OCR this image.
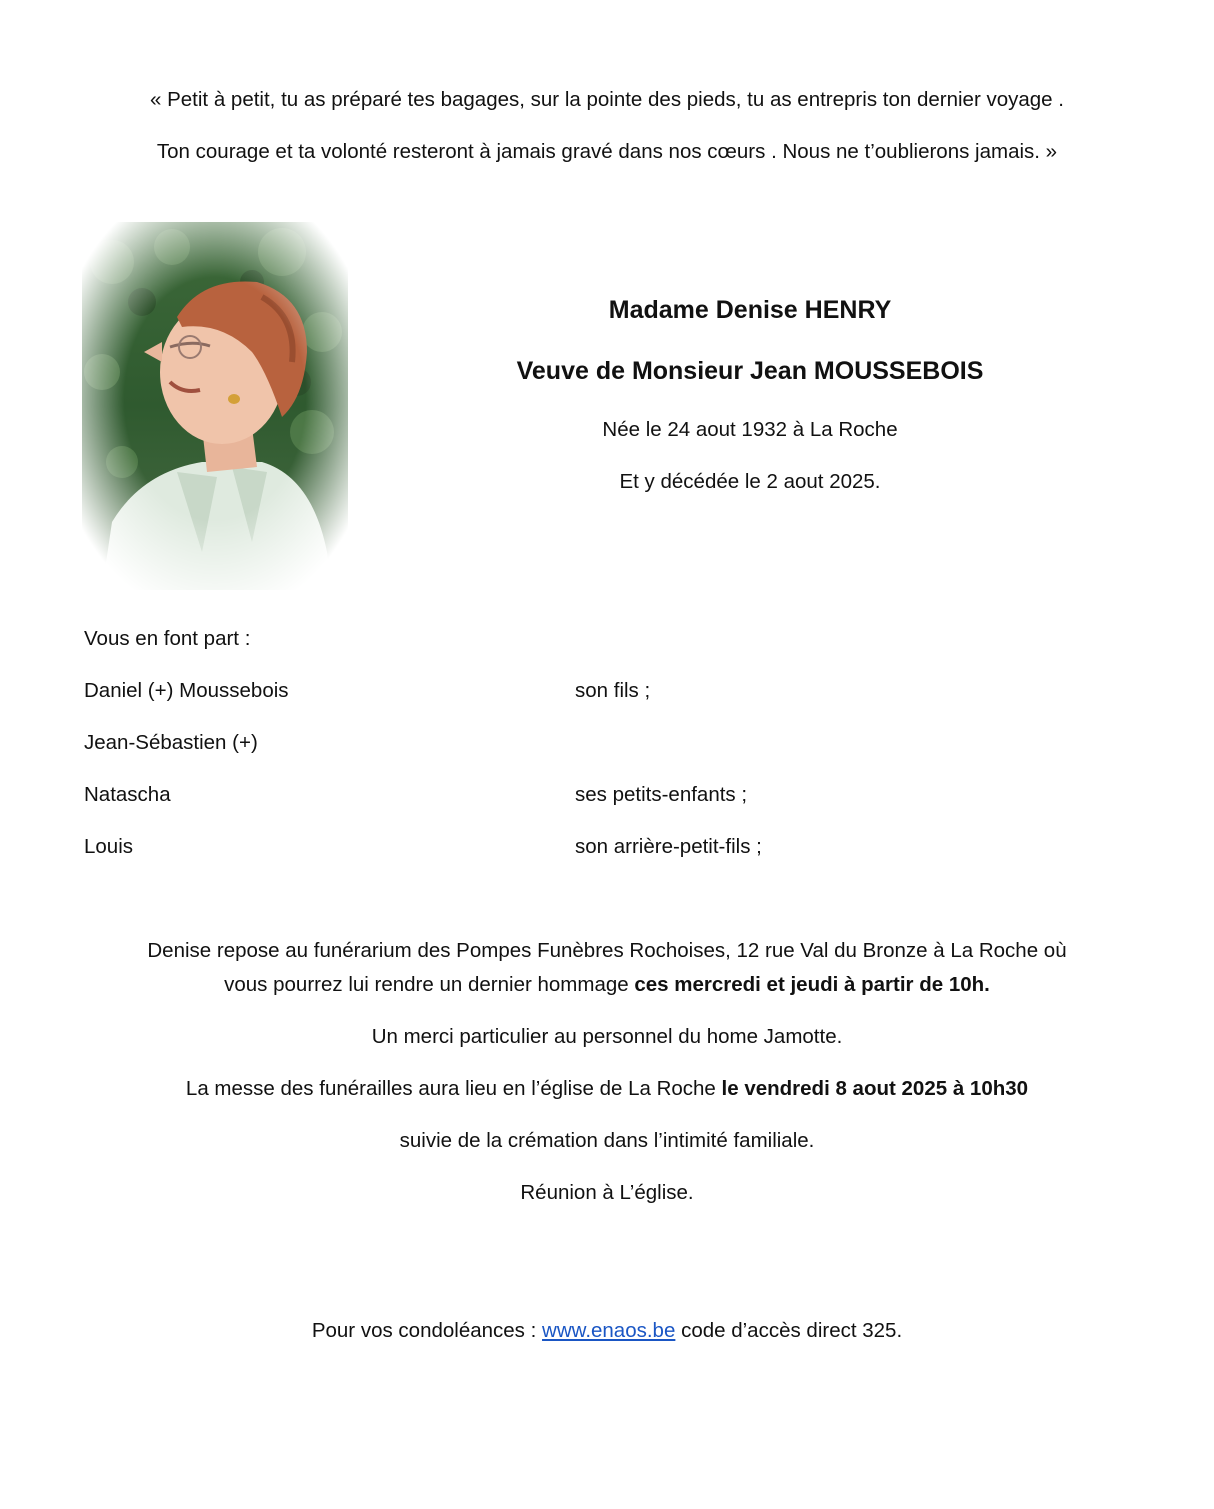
« Petit à petit, tu as préparé tes bagages, sur la pointe des pieds, tu as entrepris ton dernier voyage .
Ton courage et ta volonté resteront à jamais gravé dans nos cœurs . Nous ne t’oublierons jamais. »
Madame Denise HENRY
Veuve de Monsieur Jean MOUSSEBOIS
Née le 24 aout 1932 à La Roche
Et y décédée le 2 aout 2025.
Vous en font part :
Daniel (+) Moussebois	son fils ;
Jean-Sébastien (+)
Natascha	ses petits-enfants ;
Louis	son arrière-petit-fils ;
Denise repose au funérarium des Pompes Funèbres Rochoises, 12 rue Val du Bronze à La Roche où
vous pourrez lui rendre un dernier hommage ces mercredi et jeudi à partir de 10h.
Un merci particulier au personnel du home Jamotte.
La messe des funérailles aura lieu en l’église de La Roche le vendredi 8 aout 2025 à 10h30
suivie de la crémation dans l’intimité familiale.
Réunion à L’église.
Pour vos condoléances : www.enaos.be code d’accès direct 325.
